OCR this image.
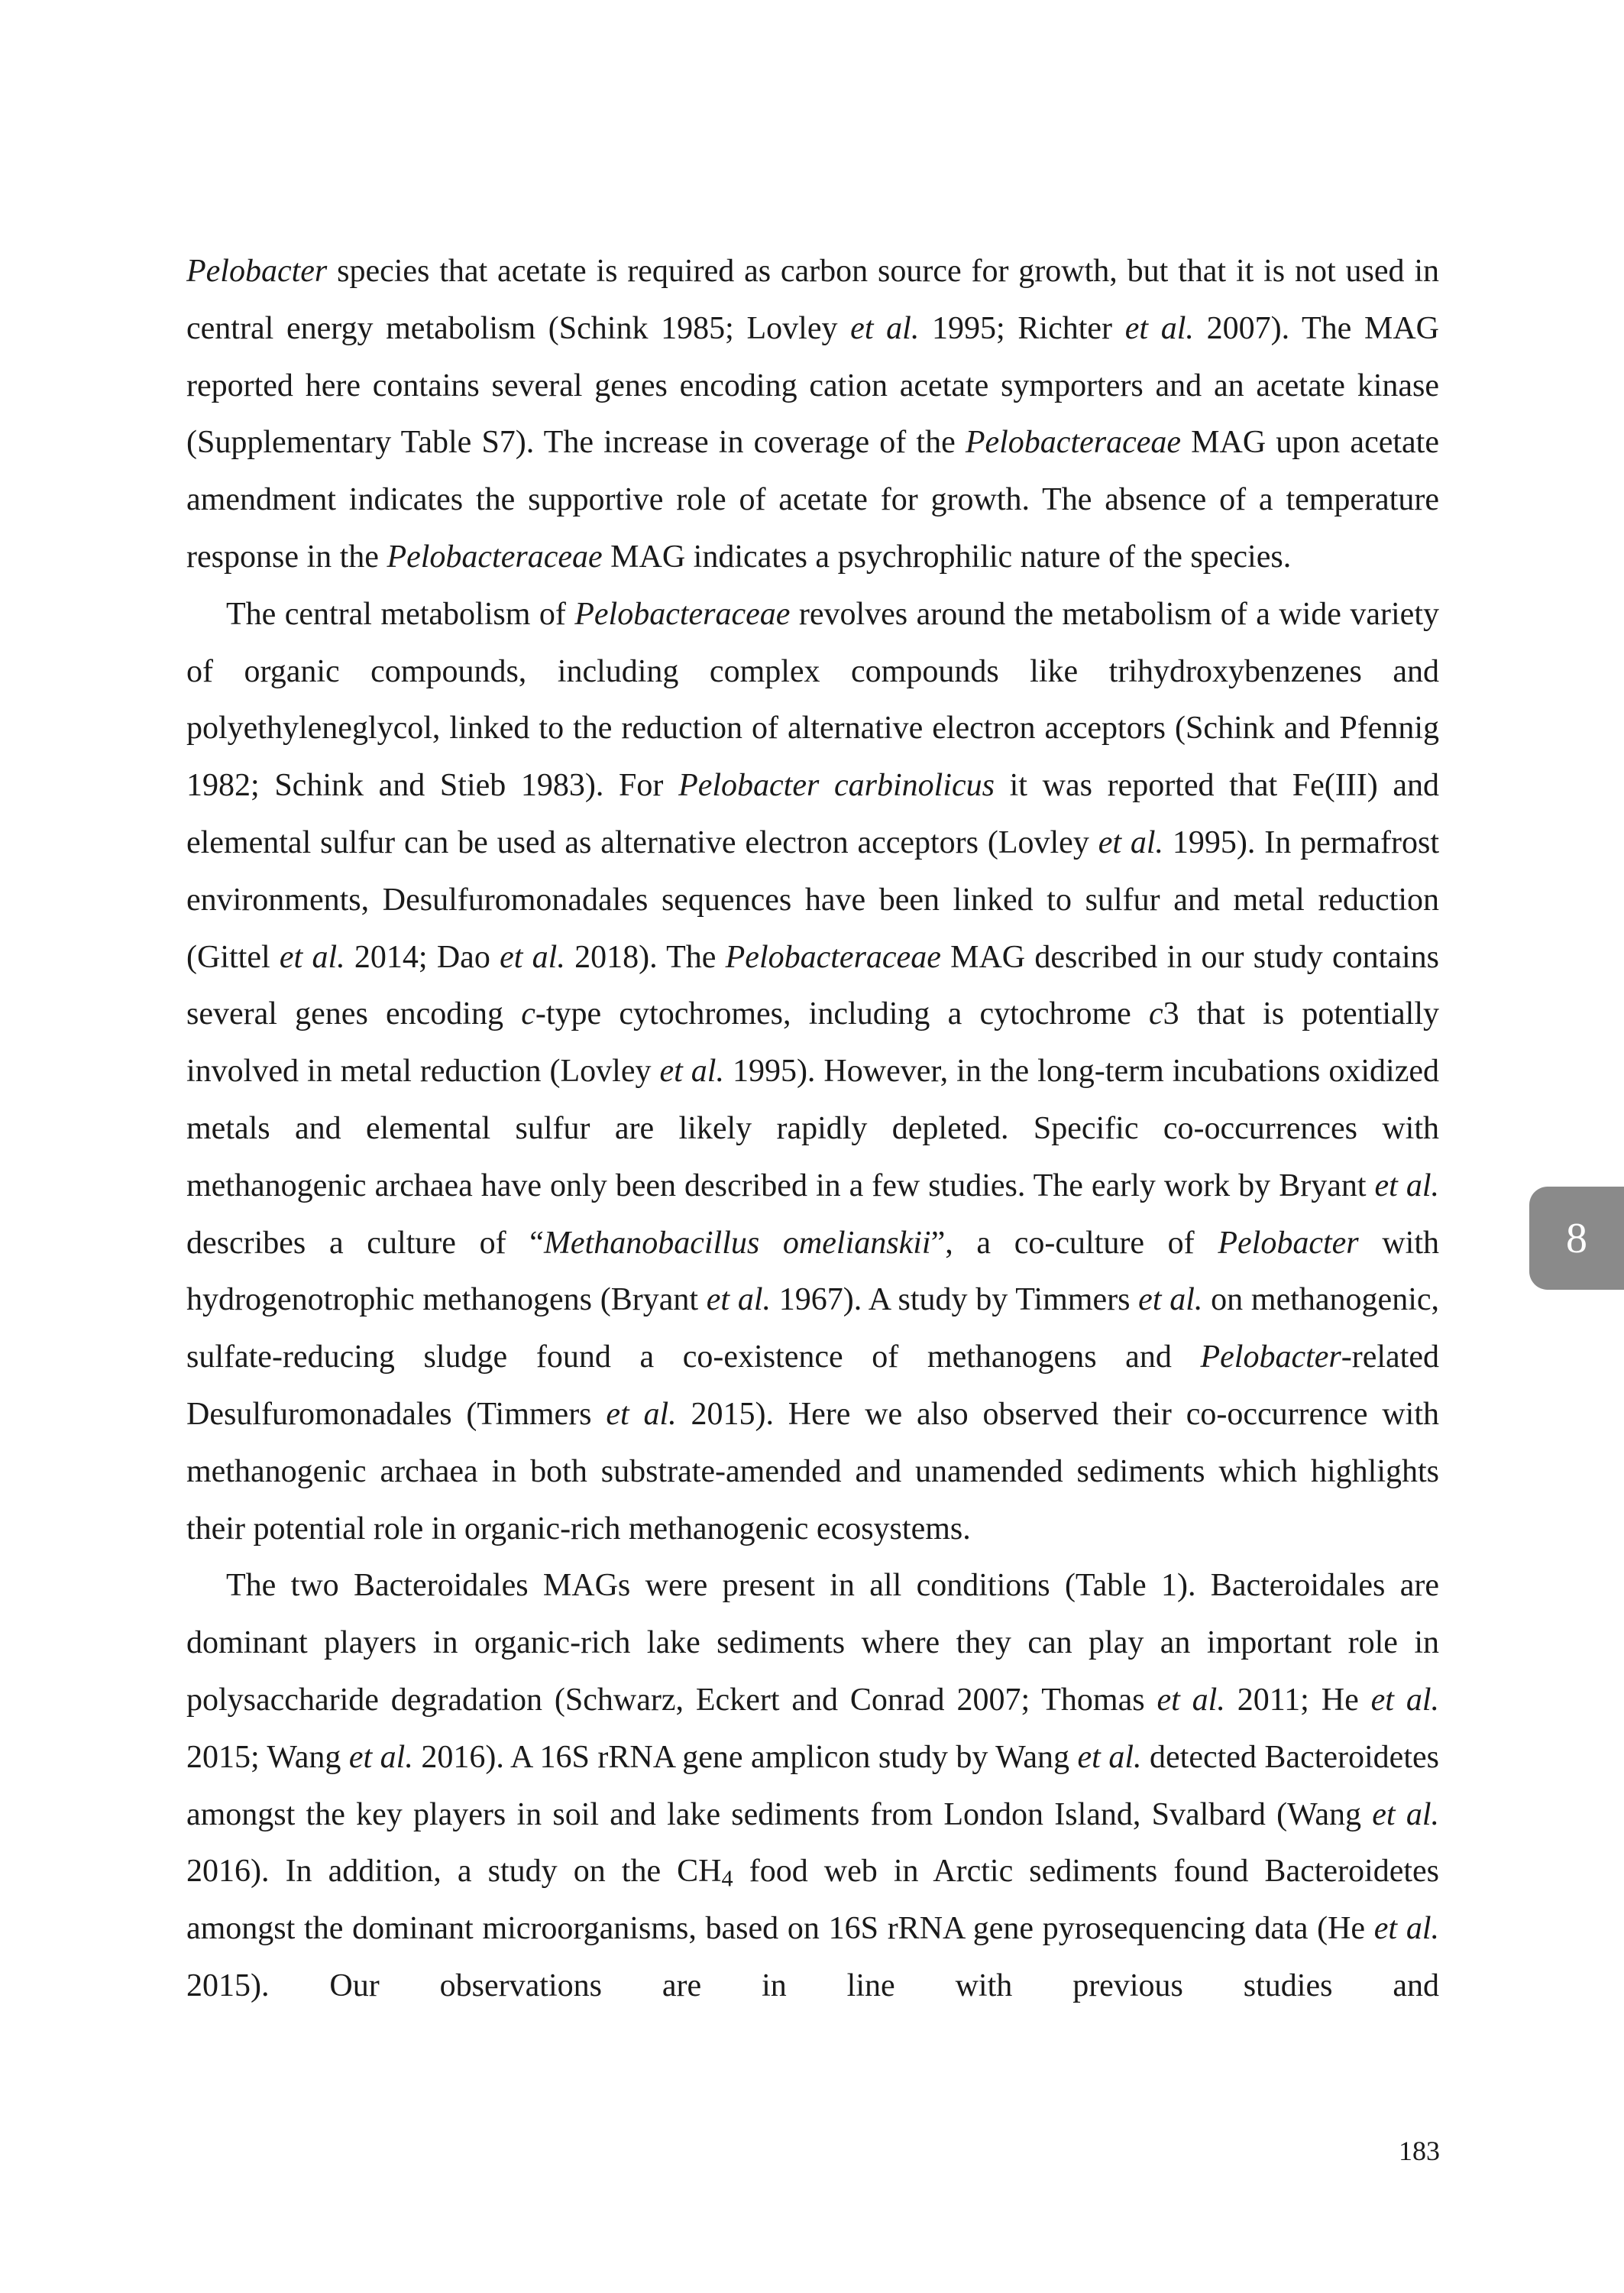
Pelobacter species that acetate is required as carbon source for growth, but that it is not used in central energy metabolism (Schink 1985; Lovley et al. 1995; Richter et al. 2007). The MAG reported here contains several genes encoding cation acetate symporters and an acetate kinase (Supplementary Table S7). The increase in coverage of the Pelobacteraceae MAG upon acetate amendment indicates the supportive role of acetate for growth. The absence of a temperature response in the Pelobacteraceae MAG indicates a psychrophilic nature of the species.

The central metabolism of Pelobacteraceae revolves around the metabolism of a wide variety of organic compounds, including complex compounds like trihydroxybenzenes and polyethyleneglycol, linked to the reduction of alternative electron acceptors (Schink and Pfennig 1982; Schink and Stieb 1983). For Pelobacter carbinolicus it was reported that Fe(III) and elemental sulfur can be used as alternative electron acceptors (Lovley et al. 1995). In permafrost environments, Desulfuromonadales sequences have been linked to sulfur and metal reduction (Gittel et al. 2014; Dao et al. 2018). The Pelobacteraceae MAG described in our study contains several genes encoding c-type cytochromes, including a cytochrome c3 that is potentially involved in metal reduction (Lovley et al. 1995). However, in the long-term incubations oxidized metals and elemental sulfur are likely rapidly depleted. Specific co-occurrences with methanogenic archaea have only been described in a few studies. The early work by Bryant et al. describes a culture of “Methanobacillus omelianskii”, a co-culture of Pelobacter with hydrogenotrophic methanogens (Bryant et al. 1967). A study by Timmers et al. on methanogenic, sulfate-reducing sludge found a co-existence of methanogens and Pelobacter-related Desulfuromonadales (Timmers et al. 2015). Here we also observed their co-occurrence with methanogenic archaea in both substrate-amended and unamended sediments which highlights their potential role in organic-rich methanogenic ecosystems.

The two Bacteroidales MAGs were present in all conditions (Table 1). Bacteroidales are dominant players in organic-rich lake sediments where they can play an important role in polysaccharide degradation (Schwarz, Eckert and Conrad 2007; Thomas et al. 2011; He et al. 2015; Wang et al. 2016). A 16S rRNA gene amplicon study by Wang et al. detected Bacteroidetes amongst the key players in soil and lake sediments from London Island, Svalbard (Wang et al. 2016). In addition, a study on the $CH_4$ food web in Arctic sediments found Bacteroidetes amongst the dominant microorganisms, based on 16S rRNA gene pyrosequencing data (He et al. 2015). Our observations are in line with previous studies and

8
183
